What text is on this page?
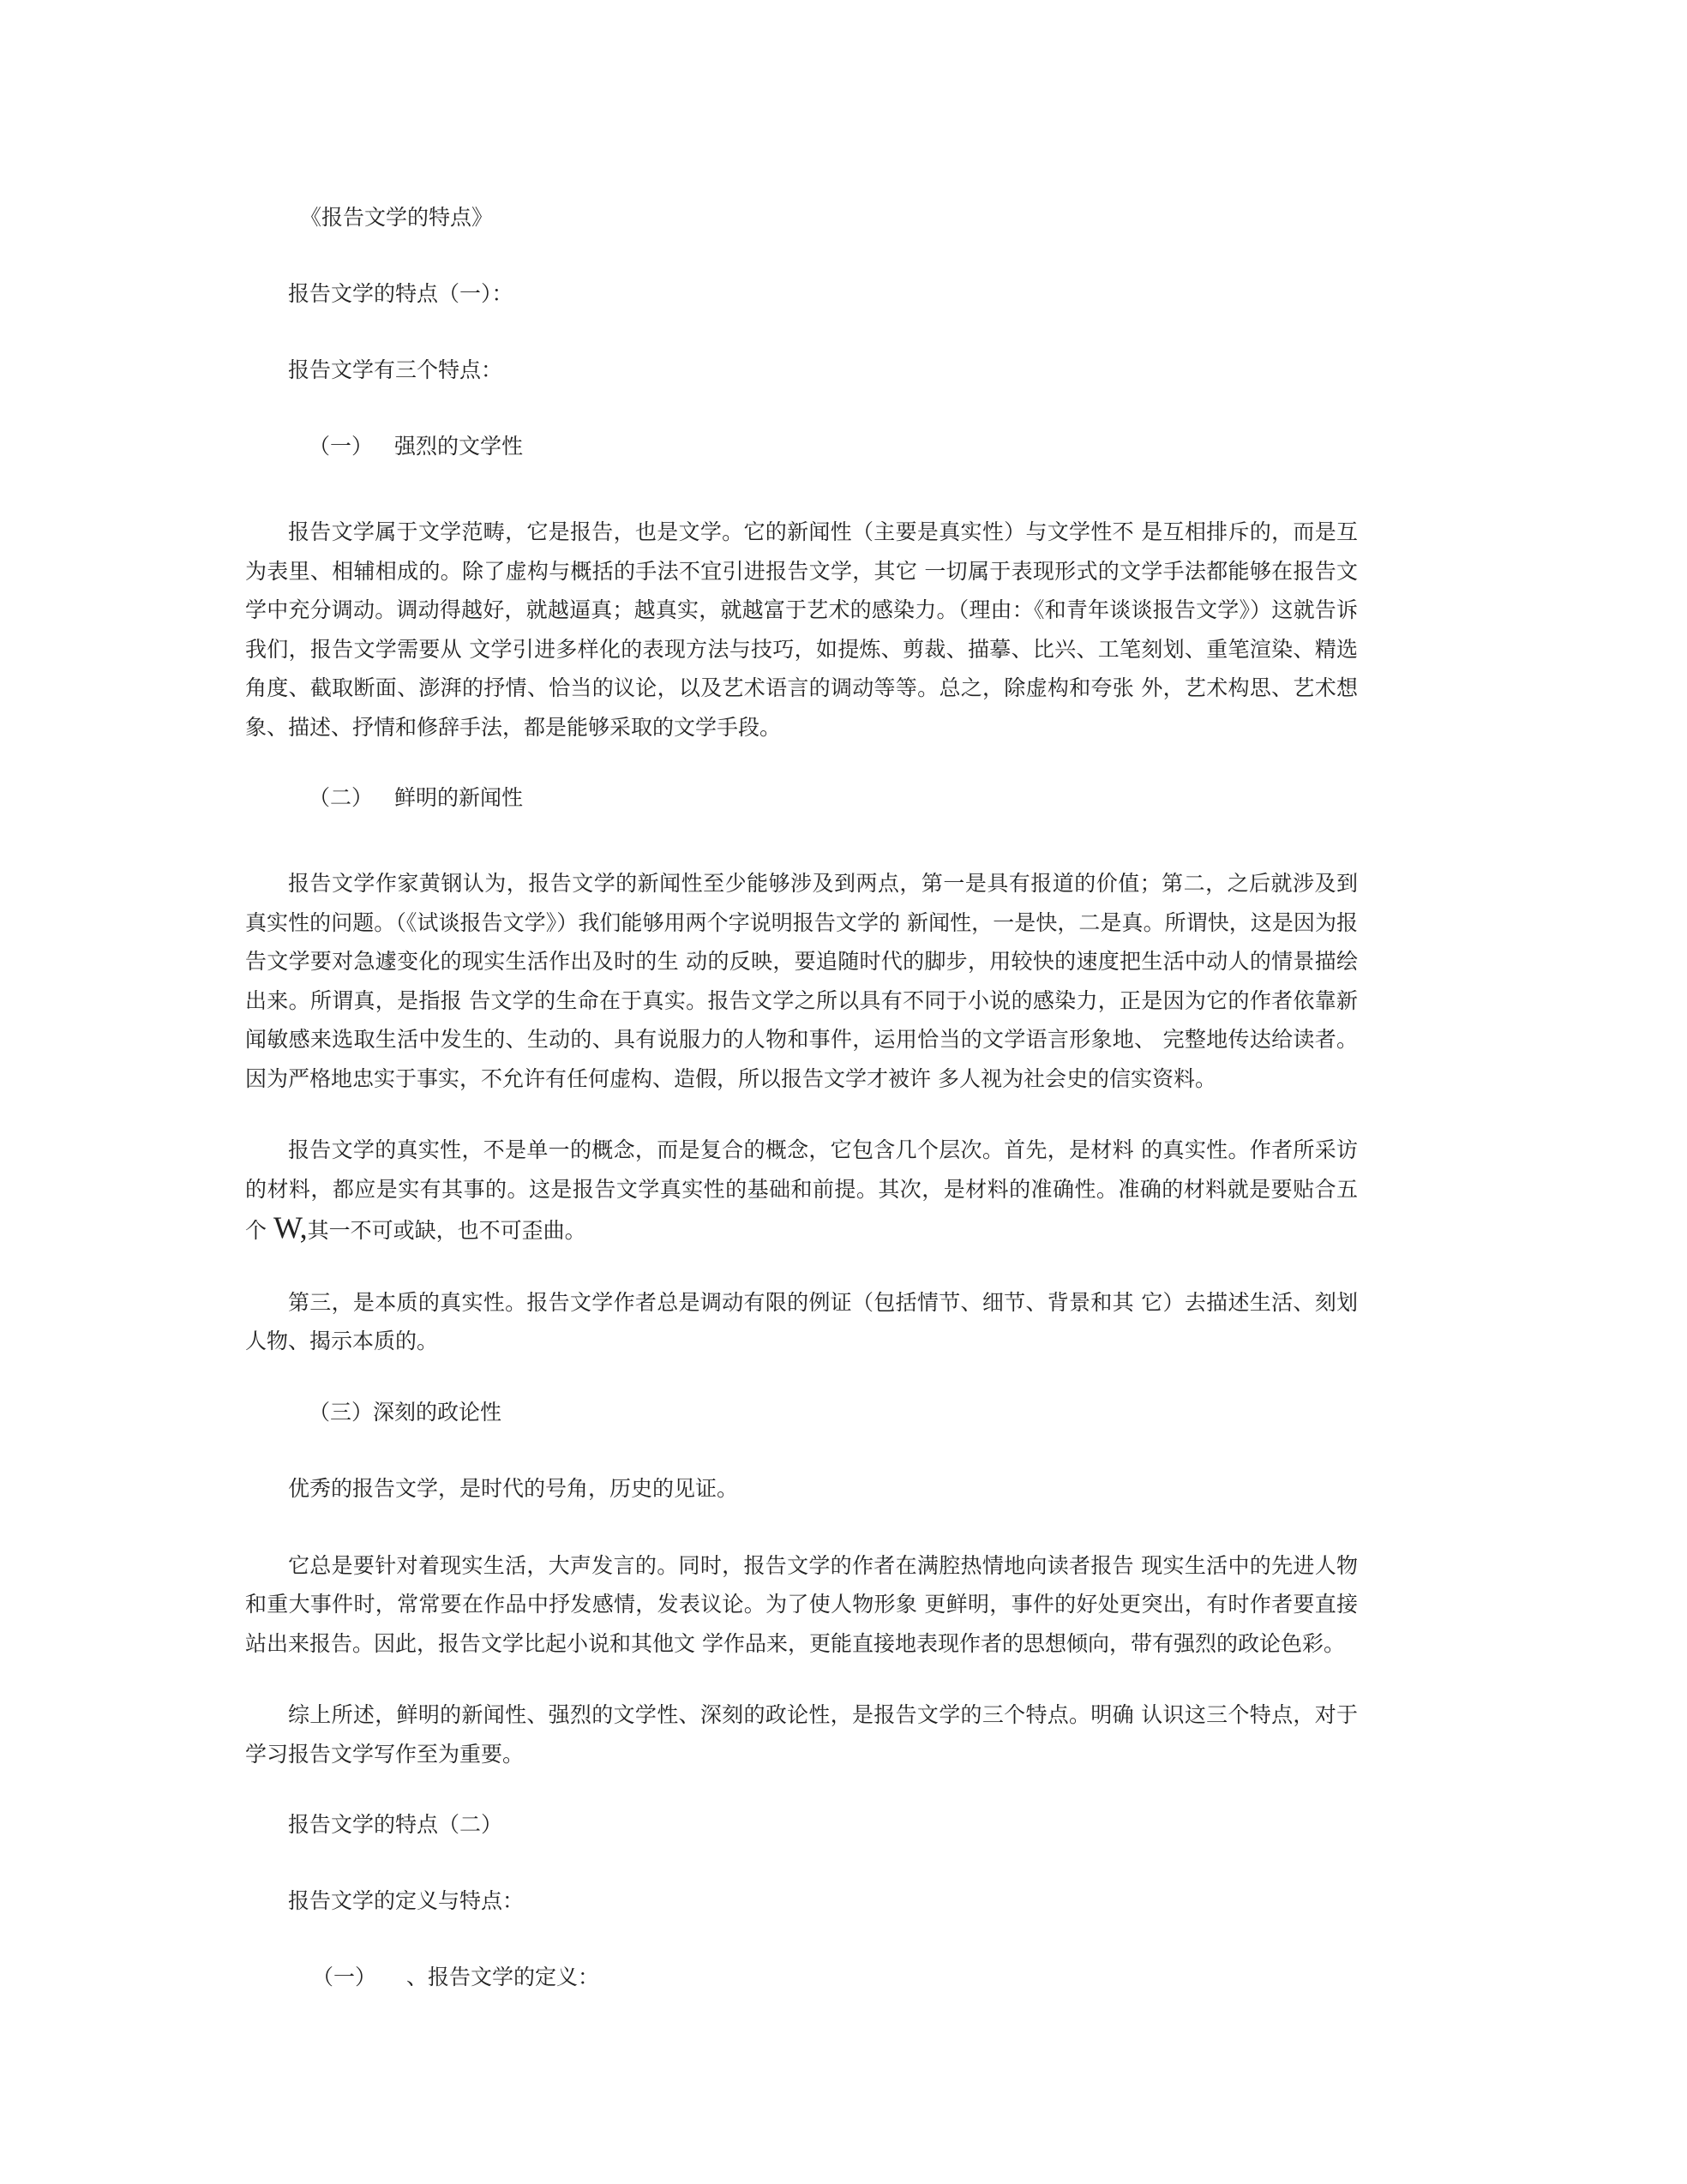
《报告文学的特点》

报告文学的特点（一）：

报告文学有三个特点：

（一） 强烈的文学性

报告文学属于文学范畴，它是报告，也是文学。它的新闻性（主要是真实性）与文学性不 是互相排斥的，而是互为表里、相辅相成的。除了虚构与概括的手法不宜引进报告文学，其它 一切属于表现形式的文学手法都能够在报告文学中充分调动。调动得越好，就越逼真；越真实，就越富于艺术的感染力。（理由：《和青年谈谈报告文学》）这就告诉我们，报告文学需要从 文学引进多样化的表现方法与技巧，如提炼、剪裁、描摹、比兴、工笔刻划、重笔渲染、精选 角度、截取断面、澎湃的抒情、恰当的议论，以及艺术语言的调动等等。总之，除虚构和夸张 外，艺术构思、艺术想象、描述、抒情和修辞手法，都是能够采取的文学手段。

（二） 鲜明的新闻性

报告文学作家黄钢认为，报告文学的新闻性至少能够涉及到两点，第一是具有报道的价值；第二，之后就涉及到真实性的问题。（《试谈报告文学》）我们能够用两个字说明报告文学的 新闻性，一是快，二是真。所谓快，这是因为报告文学要对急遽变化的现实生活作出及时的生 动的反映，要追随时代的脚步，用较快的速度把生活中动人的情景描绘出来。所谓真，是指报 告文学的生命在于真实。报告文学之所以具有不同于小说的感染力，正是因为它的作者依靠新 闻敏感来选取生活中发生的、生动的、具有说服力的人物和事件，运用恰当的文学语言形象地、 完整地传达给读者。因为严格地忠实于事实，不允许有任何虚构、造假，所以报告文学才被许 多人视为社会史的信实资料。

报告文学的真实性，不是单一的概念，而是复合的概念，它包含几个层次。首先，是材料 的真实性。作者所采访的材料，都应是实有其事的。这是报告文学真实性的基础和前提。其次，是材料的准确性。准确的材料就是要贴合五个 W,其一不可或缺，也不可歪曲。

第三，是本质的真实性。报告文学作者总是调动有限的例证（包括情节、细节、背景和其 它）去描述生活、刻划人物、揭示本质的。

（三）深刻的政论性

优秀的报告文学，是时代的号角，历史的见证。

它总是要针对着现实生活，大声发言的。同时，报告文学的作者在满腔热情地向读者报告 现实生活中的先进人物和重大事件时，常常要在作品中抒发感情，发表议论。为了使人物形象 更鲜明，事件的好处更突出，有时作者要直接站出来报告。因此，报告文学比起小说和其他文 学作品来，更能直接地表现作者的思想倾向，带有强烈的政论色彩。

综上所述，鲜明的新闻性、强烈的文学性、深刻的政论性，是报告文学的三个特点。明确 认识这三个特点，对于学习报告文学写作至为重要。

报告文学的特点（二）

报告文学的定义与特点：

（一） 、报告文学的定义：
